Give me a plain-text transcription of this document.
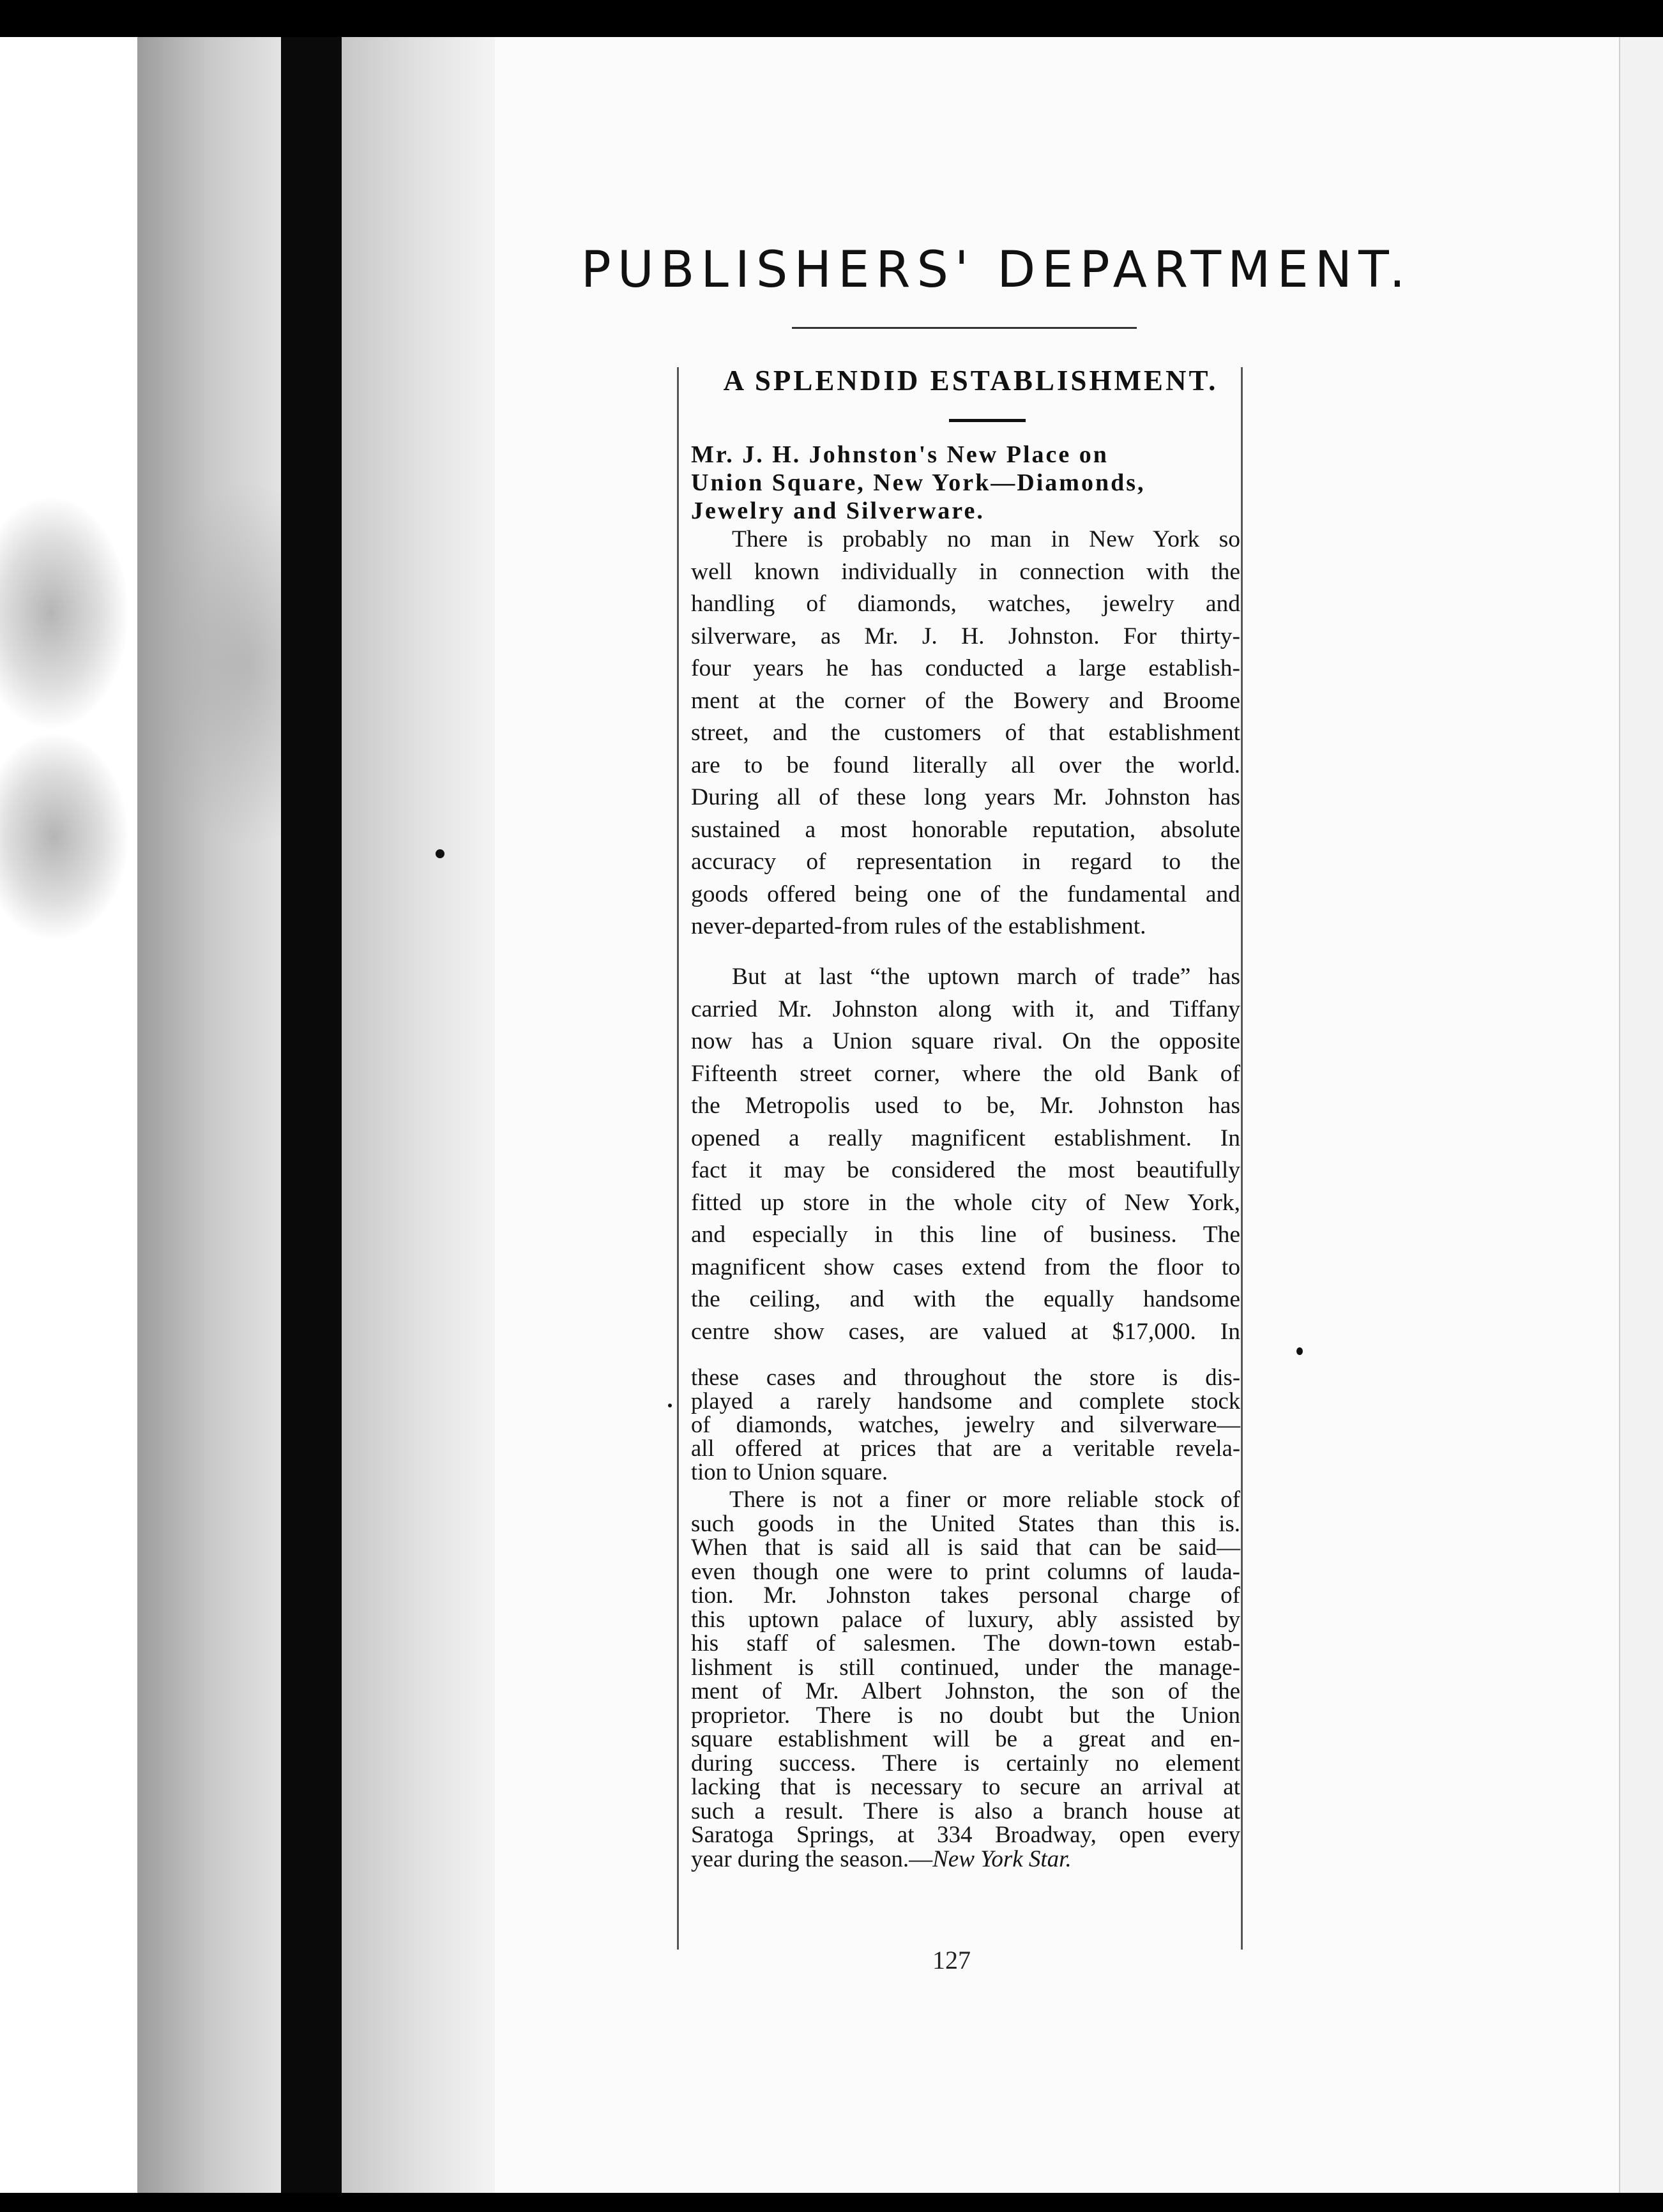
PUBLISHERS' DEPARTMENT.
A SPLENDID ESTABLISHMENT.
Mr. J. H. Johnston's New Place on
Union Square, New York—Diamonds,
Jewelry and Silverware.
There is probably no man in New York so
well known individually in connection with the
handling of diamonds, watches, jewelry and
silverware, as Mr. J. H. Johnston. For thirty-
four years he has conducted a large establish-
ment at the corner of the Bowery and Broome
street, and the customers of that establishment
are to be found literally all over the world.
During all of these long years Mr. Johnston has
sustained a most honorable reputation, absolute
accuracy of representation in regard to the
goods offered being one of the fundamental and
never-departed-from rules of the establishment.
But at last “the uptown march of trade” has
carried Mr. Johnston along with it, and Tiffany
now has a Union square rival. On the opposite
Fifteenth street corner, where the old Bank of
the Metropolis used to be, Mr. Johnston has
opened a really magnificent establishment. In
fact it may be considered the most beautifully
fitted up store in the whole city of New York,
and especially in this line of business. The
magnificent show cases extend from the floor to
the ceiling, and with the equally handsome
centre show cases, are valued at $17,000. In
these cases and throughout the store is dis-
played a rarely handsome and complete stock
of diamonds, watches, jewelry and silverware—
all offered at prices that are a veritable revela-
tion to Union square.
There is not a finer or more reliable stock of
such goods in the United States than this is.
When that is said all is said that can be said—
even though one were to print columns of lauda-
tion. Mr. Johnston takes personal charge of
this uptown palace of luxury, ably assisted by
his staff of salesmen. The down-town estab-
lishment is still continued, under the manage-
ment of Mr. Albert Johnston, the son of the
proprietor. There is no doubt but the Union
square establishment will be a great and en-
during success. There is certainly no element
lacking that is necessary to secure an arrival at
such a result. There is also a branch house at
Saratoga Springs, at 334 Broadway, open every
year during the season.—New York Star.
127
